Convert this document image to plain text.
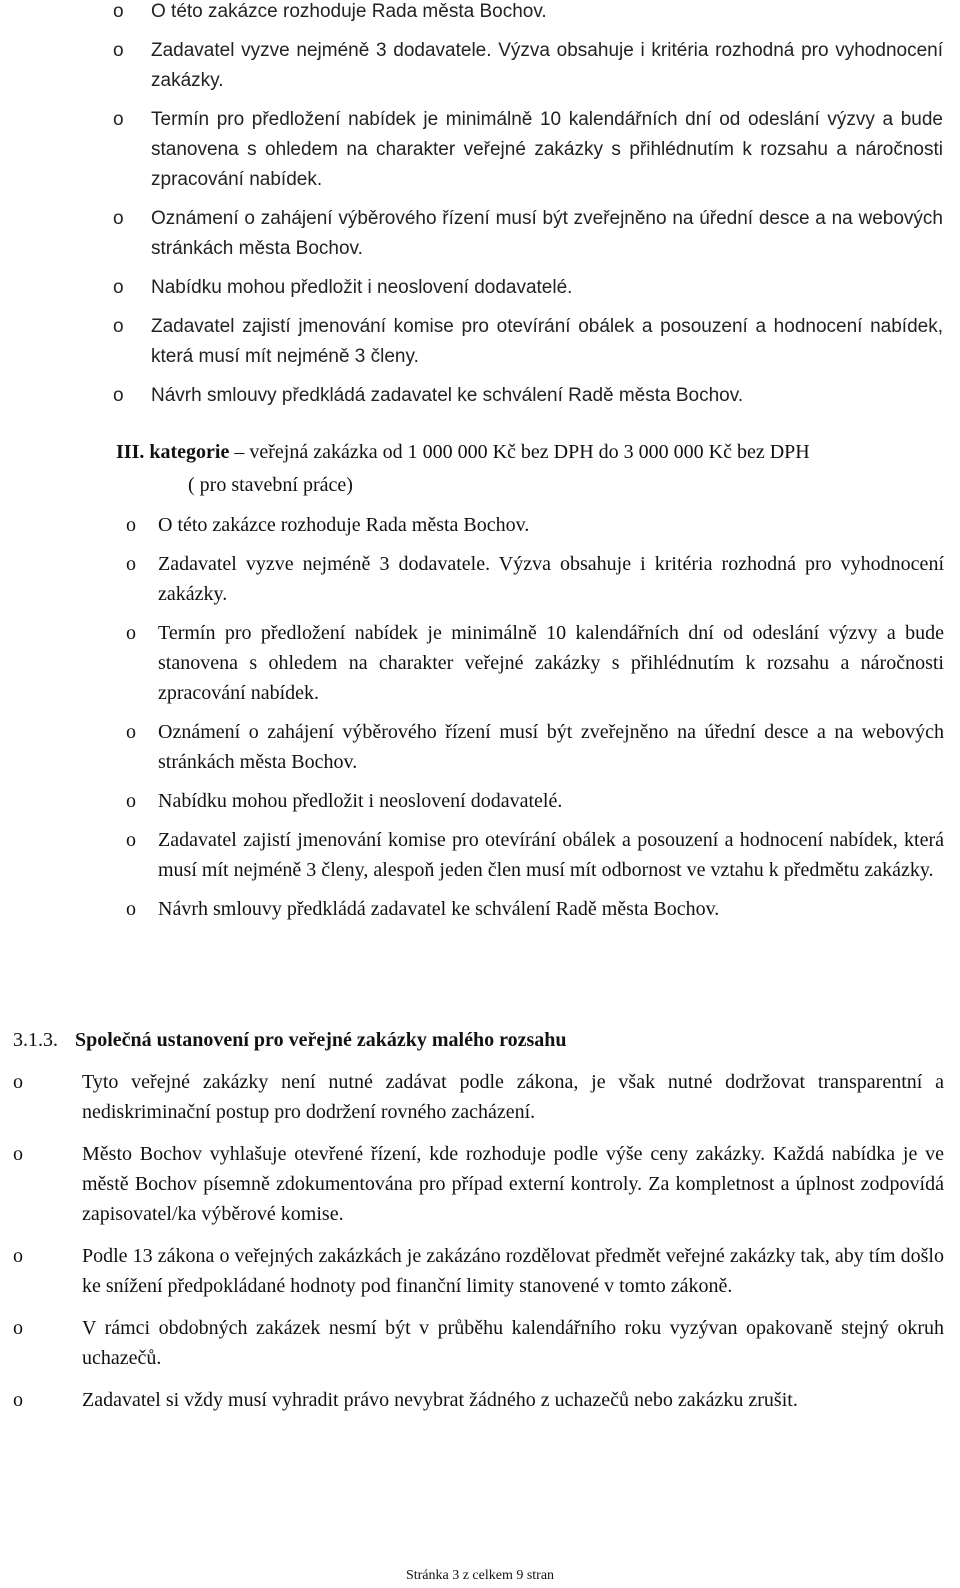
o O této zakázce rozhoduje Rada města Bochov.
o Zadavatel vyzve nejméně 3 dodavatele. Výzva obsahuje i kritéria rozhodná pro vyhodnocení zakázky.
o Termín pro předložení nabídek je minimálně 10 kalendářních dní od odeslání výzvy a bude stanovena s ohledem na charakter veřejné zakázky s přihlédnutím k rozsahu a náročnosti zpracování nabídek.
o Oznámení o zahájení výběrového řízení musí být zveřejněno na úřední desce a na webových stránkách města Bochov.
o Nabídku mohou předložit i neoslovení dodavatelé.
o Zadavatel zajistí jmenování komise pro otevírání obálek a posouzení a hodnocení nabídek, která musí mít nejméně 3 členy.
o Návrh smlouvy předkládá zadavatel ke schválení Radě města Bochov.
III. kategorie – veřejná zakázka od 1 000 000 Kč bez DPH do 3 000 000 Kč bez DPH
( pro stavební práce)
o O této zakázce rozhoduje Rada města Bochov.
o Zadavatel vyzve nejméně 3 dodavatele. Výzva obsahuje i kritéria rozhodná pro vyhodnocení zakázky.
o Termín pro předložení nabídek je minimálně 10 kalendářních dní od odeslání výzvy a bude stanovena s ohledem na charakter veřejné zakázky s přihlédnutím k rozsahu a náročnosti zpracování nabídek.
o Oznámení o zahájení výběrového řízení musí být zveřejněno na úřední desce a na webových stránkách města Bochov.
o Nabídku mohou předložit i neoslovení dodavatelé.
o Zadavatel zajistí jmenování komise pro otevírání obálek a posouzení a hodnocení nabídek, která musí mít nejméně 3 členy, alespoň jeden člen musí mít odbornost ve vztahu k předmětu zakázky.
o Návrh smlouvy předkládá zadavatel ke schválení Radě města Bochov.
3.1.3. Společná ustanovení pro veřejné zakázky malého rozsahu
o	Tyto veřejné zakázky není nutné zadávat podle zákona, je však nutné dodržovat transparentní a nediskriminační postup pro dodržení rovného zacházení.
o	Město Bochov vyhlašuje otevřené řízení, kde rozhoduje podle výše ceny zakázky. Každá nabídka je ve městě Bochov písemně zdokumentována pro případ externí kontroly. Za kompletnost a úplnost zodpovídá zapisovatel/ka výběrové komise.
o	Podle 13 zákona o veřejných zakázkách je zakázáno rozdělovat předmět veřejné zakázky tak, aby tím došlo ke snížení předpokládané hodnoty pod finanční limity stanovené v tomto zákoně.
o	V rámci obdobných zakázek nesmí být v průběhu kalendářního roku vyzývan opakovaně stejný okruh uchazečů.
o	Zadavatel si vždy musí vyhradit právo nevybrat žádného z uchazečů nebo zakázku zrušit.
Stránka 3 z celkem 9 stran
